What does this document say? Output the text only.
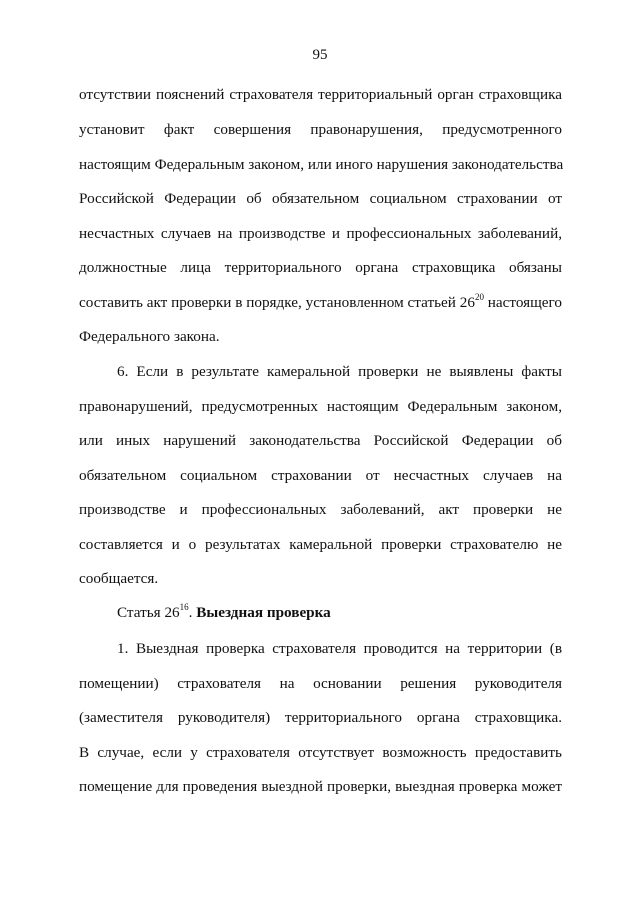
95
отсутствии пояснений страхователя территориальный орган страховщика
установит факт совершения правонарушения, предусмотренного
настоящим Федеральным законом, или иного нарушения законодательства
Российской Федерации об обязательном социальном страховании от
несчастных случаев на производстве и профессиональных заболеваний,
должностные лица территориального органа страховщика обязаны
составить акт проверки в порядке, установленном статьей $26^{20}$ настоящего
Федерального закона.
6. Если в результате камеральной проверки не выявлены факты
правонарушений, предусмотренных настоящим Федеральным законом,
или иных нарушений законодательства Российской Федерации об
обязательном социальном страховании от несчастных случаев на
производстве и профессиональных заболеваний, акт проверки не
составляется и о результатах камеральной проверки страхователю не
сообщается.
Статья $26^{16}$. Выездная проверка
1. Выездная проверка страхователя проводится на территории (в
помещении) страхователя на основании решения руководителя
(заместителя руководителя) территориального органа страховщика.
В случае, если у страхователя отсутствует возможность предоставить
помещение для проведения выездной проверки, выездная проверка может
